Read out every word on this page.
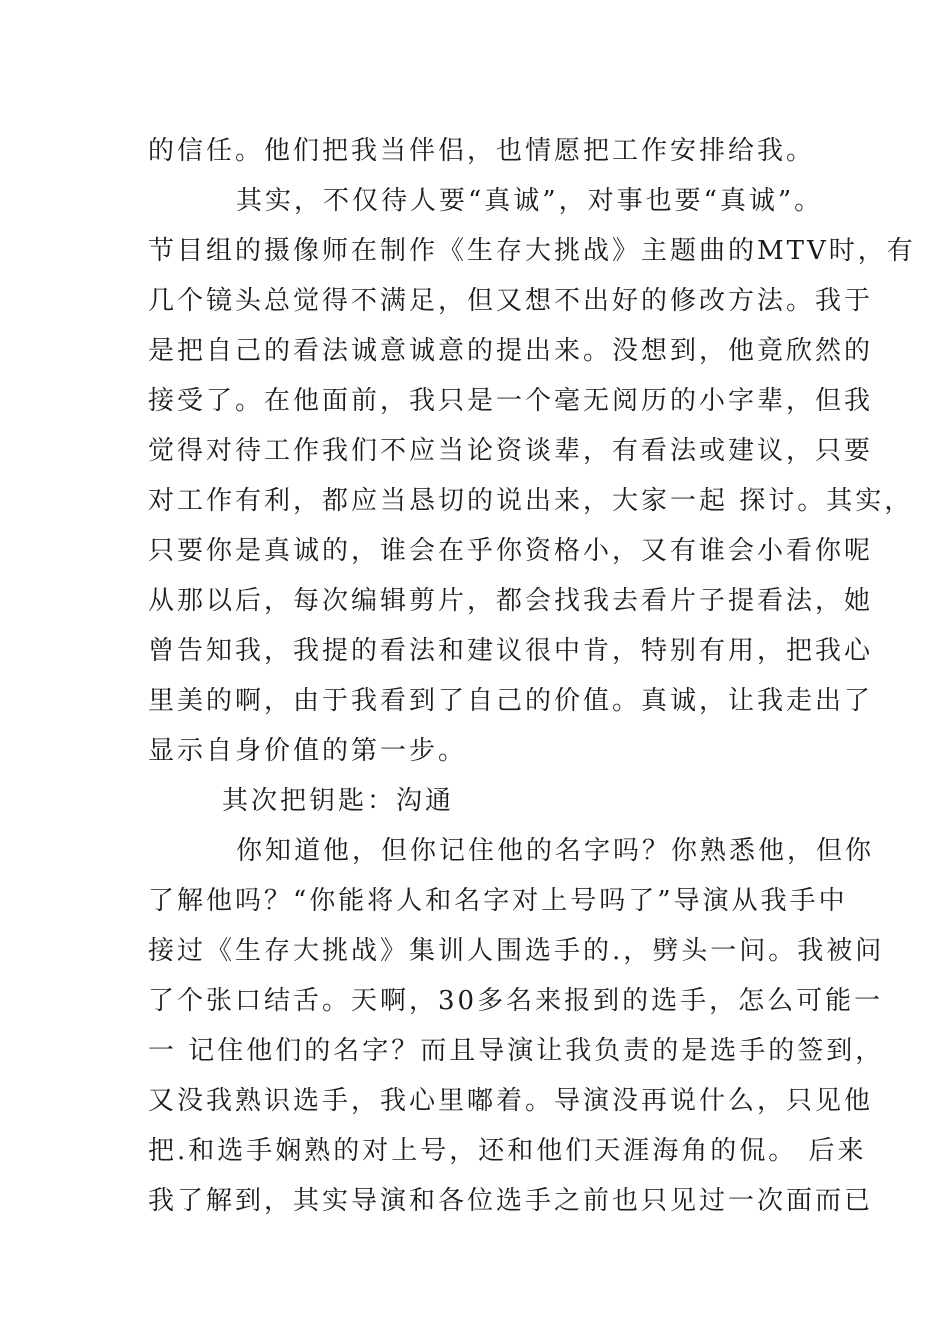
的信任。他们把我当伴侣，也情愿把工作安排给我。
其实，不仅待人要“真诚”，对事也要“真诚”。
节目组的摄像师在制作《生存大挑战》主题曲的MTV时，有
几个镜头总觉得不满足，但又想不出好的修改方法。我于
是把自己的看法诚意诚意的提出来。没想到，他竟欣然的
接受了。在他面前，我只是一个毫无阅历的小字辈，但我
觉得对待工作我们不应当论资谈辈，有看法或建议，只要
对工作有利，都应当恳切的说出来，大家一起 探讨。其实，
只要你是真诚的，谁会在乎你资格小，又有谁会小看你呢
从那以后，每次编辑剪片，都会找我去看片子提看法，她
曾告知我，我提的看法和建议很中肯，特别有用，把我心
里美的啊，由于我看到了自己的价值。真诚，让我走出了
显示自身价值的第一步。
其次把钥匙：沟通
你知道他，但你记住他的名字吗？你熟悉他，但你
了解他吗？“你能将人和名字对上号吗了”导演从我手中
接过《生存大挑战》集训人围选手的.，劈头一问。我被问
了个张口结舌。天啊，30多名来报到的选手，怎么可能一
一 记住他们的名字？而且导演让我负责的是选手的签到，
又没我熟识选手，我心里嘟着。导演没再说什么，只见他
把.和选手娴熟的对上号，还和他们天涯海角的侃。 后来
我了解到，其实导演和各位选手之前也只见过一次面而已
